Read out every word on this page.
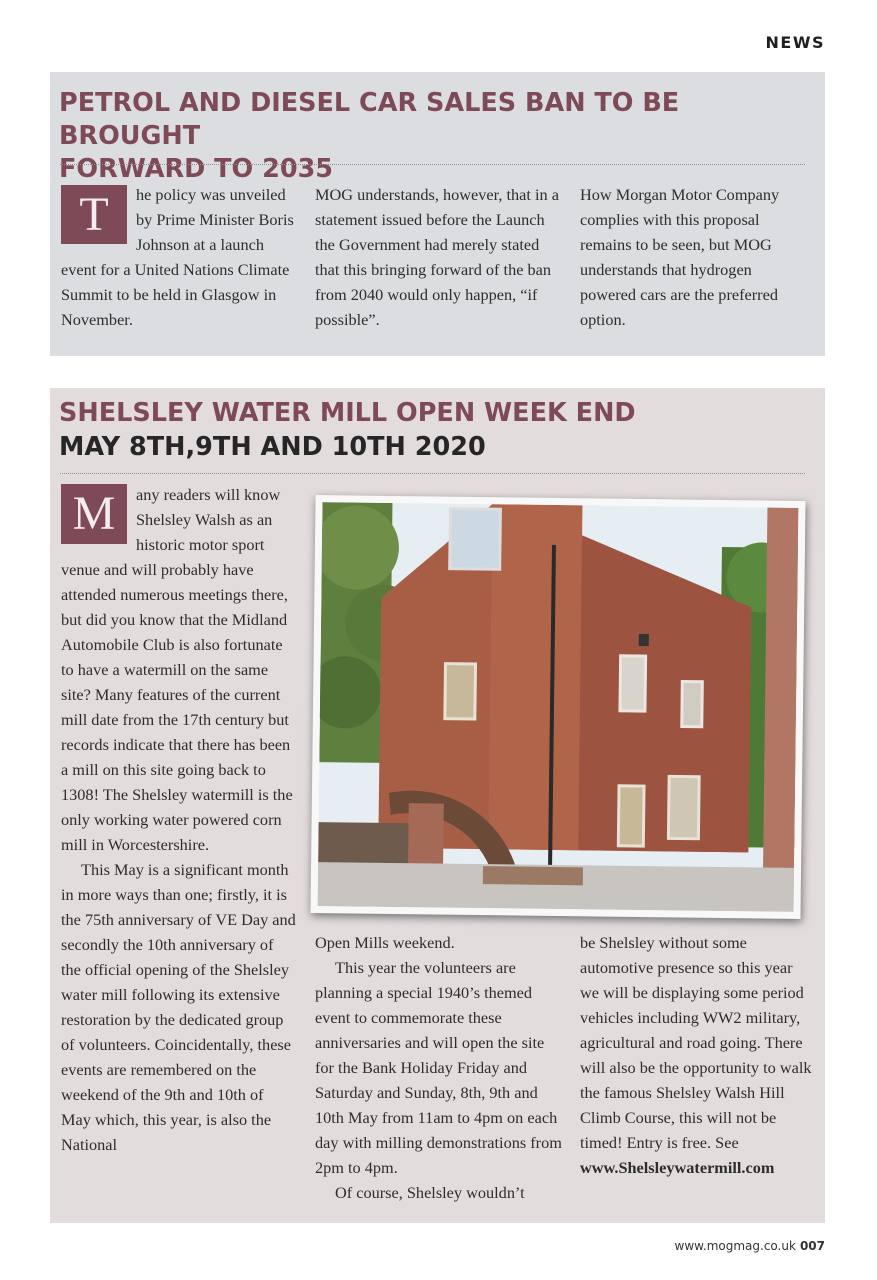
NEWS
PETROL AND DIESEL CAR SALES BAN TO BE BROUGHT
FORWARD TO 2035
T	he policy was unveiled by Prime Minister Boris Johnson at a launch event for a United Nations Climate Summit to be held in Glasgow in November.

MOG understands, however, that in a statement issued before the Launch the Government had merely stated that this bringing forward of the ban from 2040 would only happen, “if possible”.

How Morgan Motor Company complies with this proposal remains to be seen, but MOG understands that hydrogen powered cars are the preferred option.

SHELSLEY WATER MILL OPEN WEEK END
MAY 8TH,9TH AND 10TH 2020
M	any readers will know Shelsley Walsh as an historic motor sport venue and will probably have attended numerous meetings there, but did you know that the Midland Automobile Club is also fortunate to have a watermill on the same site? Many features of the current mill date from the 17th century but records indicate that there has been a mill on this site going back to 1308! The Shelsley watermill is the only working water powered corn mill in Worcestershire.

This May is a significant month in more ways than one; firstly, it is the 75th anniversary of VE Day and secondly the 10th anniversary of the official opening of the Shelsley water mill following its extensive restoration by the dedicated group of volunteers. Coincidentally, these events are remembered on the weekend of the 9th and 10th of May which, this year, is also the National

Open Mills weekend.

This year the volunteers are planning a special 1940’s themed event to commemorate these anniversaries and will open the site for the Bank Holiday Friday and Saturday and Sunday, 8th, 9th and 10th May from 11am to 4pm on each day with milling demonstrations from 2pm to 4pm.

Of course, Shelsley wouldn’t

be Shelsley without some automotive presence so this year we will be displaying some period vehicles including WW2 military, agricultural and road going. There will also be the opportunity to walk the famous Shelsley Walsh Hill Climb Course, this will not be timed! Entry is free. See

www.Shelsleywatermill.com

www.mogmag.co.uk 007
